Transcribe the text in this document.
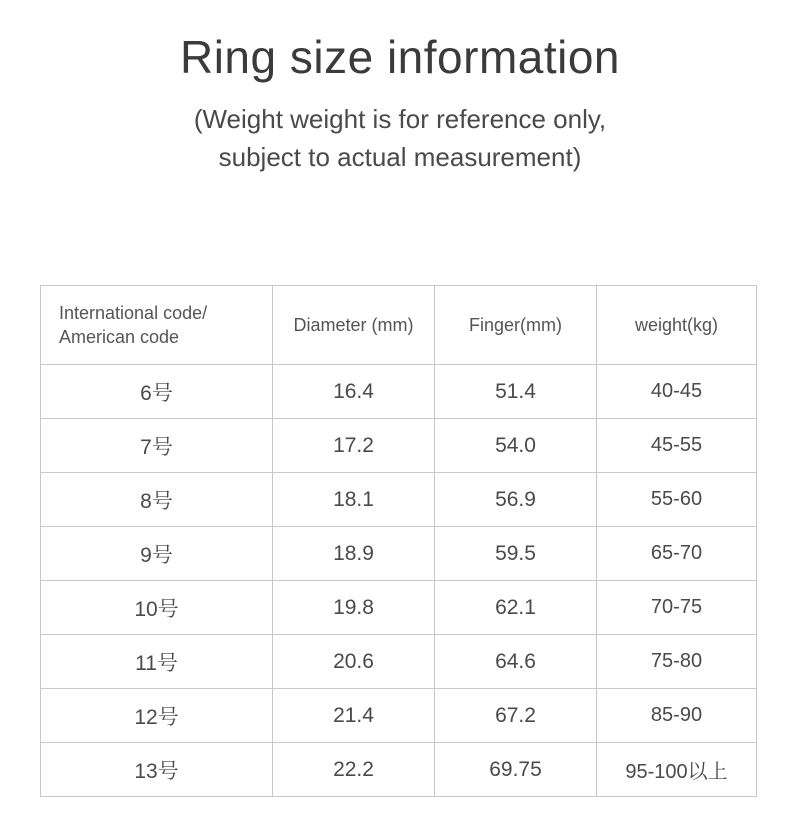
Ring size information
(Weight weight is for reference only,
subject to actual measurement)
International code/
American code	Diameter (mm)	Finger(mm)	weight(kg)
6号	16.4	51.4	40-45
7号	17.2	54.0	45-55
8号	18.1	56.9	55-60
9号	18.9	59.5	65-70
10号	19.8	62.1	70-75
11号	20.6	64.6	75-80
12号	21.4	67.2	85-90
13号	22.2	69.75	95-100以上
